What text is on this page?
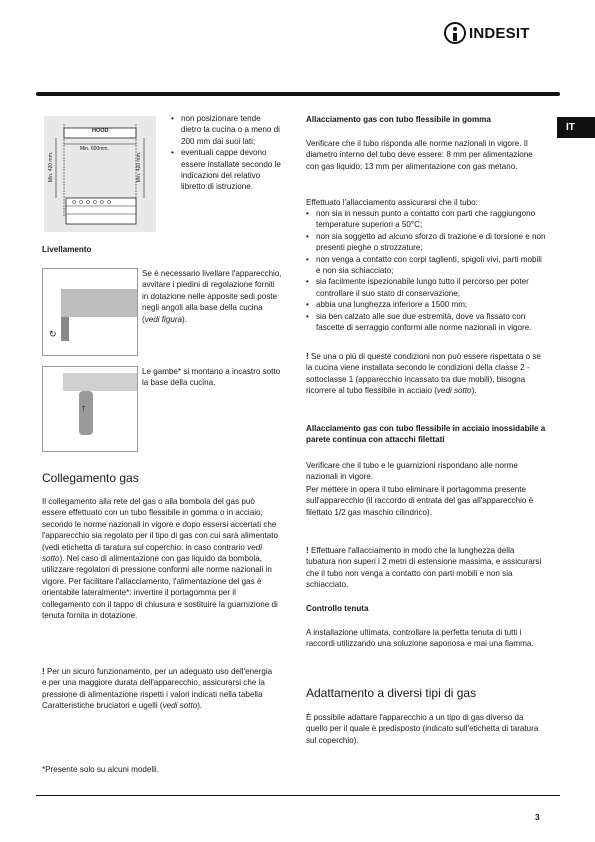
INDESIT
IT
HOOD
Min. 600mm.
Min. 420 mm.	Min. 420 mm.
• non posizionare tende dietro la cucina o a meno di 200 mm dai suoi lati;
• eventuali cappe devono essere installate secondo le indicazioni del relativo libretto di istruzione.
Livellamento
↻
↑
Se è necessario livellare l'apparecchio, avvitare i piedini di regolazione forniti in dotazione nelle apposite sedi poste negli angoli alla base della cucina (vedi figura).
Le gambe* si montano a incastro sotto la base della cucina.
Collegamento gas
Il collegamento alla rete del gas o alla bombola del gas può essere effettuato con un tubo flessibile in gomma o in acciaio, secondo le norme nazionali in vigore e dopo essersi accertati che l'apparecchio sia regolato per il tipo di gas con cui sarà alimentato (vedi etichetta di taratura sul coperchio: in caso contrario vedi sotto). Nel caso di alimentazione con gas liquido da bombola, utilizzare regolatori di pressione conformi alle norme nazionali in vigore. Per facilitare l'allacciamento, l'alimentazione del gas è orientabile lateralmente*: invertire il portagomma per il collegamento con il tappo di chiusura e sostituire la guarnizione di tenuta fornita in dotazione.
! Per un sicuro funzionamento, per un adeguato uso dell'energia e per una maggiore durata dell'apparecchio, assicurarsi che la pressione di alimentazione rispetti i valori indicati nella tabella Caratteristiche bruciatori e ugelli (vedi sotto).
*Presente solo su alcuni modelli.
Allacciamento gas con tubo flessibile in gomma
Verificare che il tubo risponda alle norme nazionali in vigore. Il diametro interno del tubo deve essere: 8 mm per alimentazione con gas liquido; 13 mm per alimentazione con gas metano.
Effettuato l'allacciamento assicurarsi che il tubo:
• non sia in nessun punto a contatto con parti che raggiungono temperature superiori a 50°C;
• non sia soggetto ad alcuno sforzo di trazione e di torsione e non presenti pieghe o strozzature;
• non venga a contatto con corpi taglienti, spigoli vivi, parti mobili e non sia schiacciato;
• sia facilmente ispezionabile lungo tutto il percorso per poter controllare il suo stato di conservazione;
• abbia una lunghezza inferiore a 1500 mm;
• sia ben calzato alle sue due estremità, dove va fissato con fascette di serraggio conformi alle norme nazionali in vigore.
! Se una o più di queste condizioni non può essere rispettata o se la cucina viene installata secondo le condizioni della classe 2 - sottoclasse 1 (apparecchio incassato tra due mobili), bisogna ricorrere al tubo flessibile in acciaio (vedi sotto).
Allacciamento gas con tubo flessibile in acciaio inossidabile a parete continua con attacchi filettati
Verificare che il tubo e le guarnizioni rispondano alle norme nazionali in vigore.
Per mettere in opera il tubo eliminare il portagomma presente sull'apparecchio (il raccordo di entrata del gas all'apparecchio è filettato 1/2 gas maschio cilindrico).
! Effettuare l'allacciamento in modo che la lunghezza della tubatura non superi i 2 metri di estensione massima, e assicurarsi che il tubo non venga a contatto con parti mobili e non sia schiacciato.
Controllo tenuta
A installazione ultimata, controllare la perfetta tenuta di tutti i raccordi utilizzando una soluzione saponosa e mai una fiamma.
Adattamento a diversi tipi di gas
È possibile adattare l'apparecchio a un tipo di gas diverso da quello per il quale è predisposto (indicato sull'etichetta di taratura sul coperchio).
3
